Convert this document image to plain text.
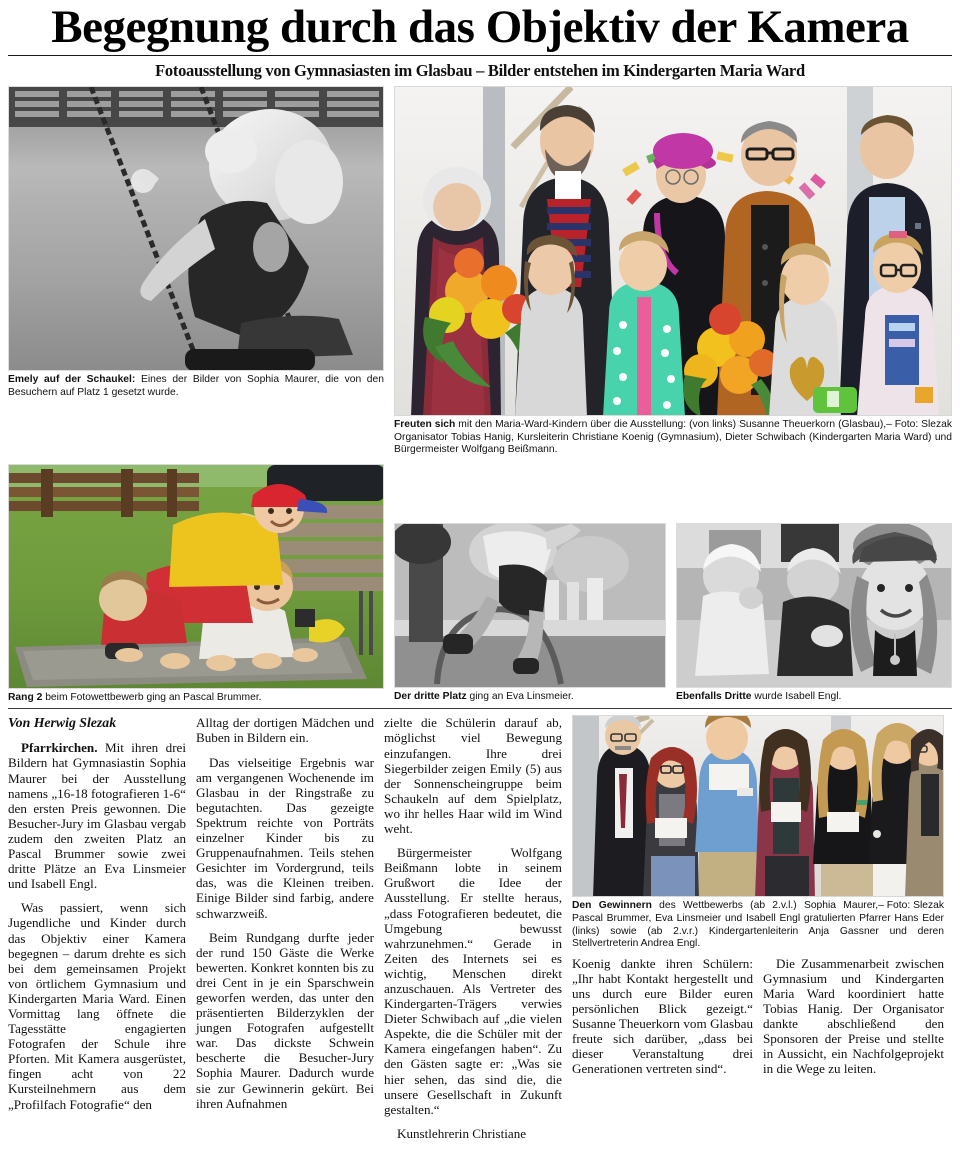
Begegnung durch das Objektiv der Kamera
Fotoausstellung von Gymnasiasten im Glasbau – Bilder entstehen im Kindergarten Maria Ward
Emely auf der Schaukel: Eines der Bilder von Sophia Maurer, die von den Besuchern auf Platz 1 gesetzt wurde.
– Foto: Slezak
Freuten sich mit den Maria-Ward-Kindern über die Ausstellung: (von links) Susanne Theuerkorn (Glasbau), Organisator Tobias Hanig, Kursleiterin Christiane Koenig (Gymnasium), Dieter Schwibach (Kindergarten Maria Ward) und Bürgermeister Wolfgang Beißmann.
Rang 2 beim Fotowettbewerb ging an Pascal Brummer.	Der dritte Platz ging an Eva Linsmeier.	Ebenfalls Dritte wurde Isabell Engl.
Von Herwig Slezak

Pfarrkirchen. Mit ihren drei Bildern hat Gymnasiastin Sophia Maurer bei der Ausstellung namens „16-18 fotografieren 1-6“ den ersten Preis gewonnen. Die Besucher-Jury im Glasbau vergab zudem den zweiten Platz an Pascal Brummer sowie zwei dritte Plätze an Eva Linsmeier und Isabell Engl.

Was passiert, wenn sich Jugendliche und Kinder durch das Objektiv einer Kamera begegnen – darum drehte es sich bei dem gemeinsamen Projekt von örtlichem Gymnasium und Kindergarten Maria Ward. Einen Vormittag lang öffnete die Tagesstätte engagierten Fotografen der Schule ihre Pforten. Mit Kamera ausgerüstet, fingen acht von 22 Kursteilnehmern aus dem „Profilfach Fotografie“ den

Alltag der dortigen Mädchen und Buben in Bildern ein.

Das vielseitige Ergebnis war am vergangenen Wochenende im Glasbau in der Ringstraße zu begutachten. Das gezeigte Spektrum reichte von Porträts einzelner Kinder bis zu Gruppenaufnahmen. Teils stehen Gesichter im Vordergrund, teils das, was die Kleinen treiben. Einige Bilder sind farbig, andere schwarzweiß.

Beim Rundgang durfte jeder der rund 150 Gäste die Werke bewerten. Konkret konnten bis zu drei Cent in je ein Sparschwein geworfen werden, das unter den präsentierten Bilderzyklen der jungen Fotografen aufgestellt war. Das dickste Schwein bescherte die Besucher-Jury Sophia Maurer. Dadurch wurde sie zur Gewinnerin gekürt. Bei ihren Aufnahmen

zielte die Schülerin darauf ab, möglichst viel Bewegung einzufangen. Ihre drei Siegerbilder zeigen Emily (5) aus der Sonnenscheingruppe beim Schaukeln auf dem Spielplatz, wo ihr helles Haar wild im Wind weht.

Bürgermeister Wolfgang Beißmann lobte in seinem Grußwort die Idee der Ausstellung. Er stellte heraus, „dass Fotografieren bedeutet, die Umgebung bewusst wahrzunehmen.“ Gerade in Zeiten des Internets sei es wichtig, Menschen direkt anzuschauen. Als Vertreter des Kindergarten-Trägers verwies Dieter Schwibach auf „die vielen Aspekte, die die Schüler mit der Kamera eingefangen haben“. Zu den Gästen sagte er: „Was sie hier sehen, das sind die, die unsere Gesellschaft in Zukunft gestalten.“

Kunstlehrerin Christiane

– Foto: Slezak
Den Gewinnern des Wettbewerbs (ab 2.v.l.) Sophia Maurer, Pascal Brummer, Eva Linsmeier und Isabell Engl gratulierten Pfarrer Hans Eder (links) sowie (ab 2.v.r.) Kindergartenleiterin Anja Gassner und deren Stellvertreterin Andrea Engl.

Koenig dankte ihren Schülern: „Ihr habt Kontakt hergestellt und uns durch eure Bilder euren persönlichen Blick gezeigt.“ Susanne Theuerkorn vom Glasbau freute sich darüber, „dass bei dieser Veranstaltung drei Generationen vertreten sind“.

Die Zusammenarbeit zwischen Gymnasium und Kindergarten Maria Ward koordiniert hatte Tobias Hanig. Der Organisator dankte abschließend den Sponsoren der Preise und stellte in Aussicht, ein Nachfolgeprojekt in die Wege zu leiten.
